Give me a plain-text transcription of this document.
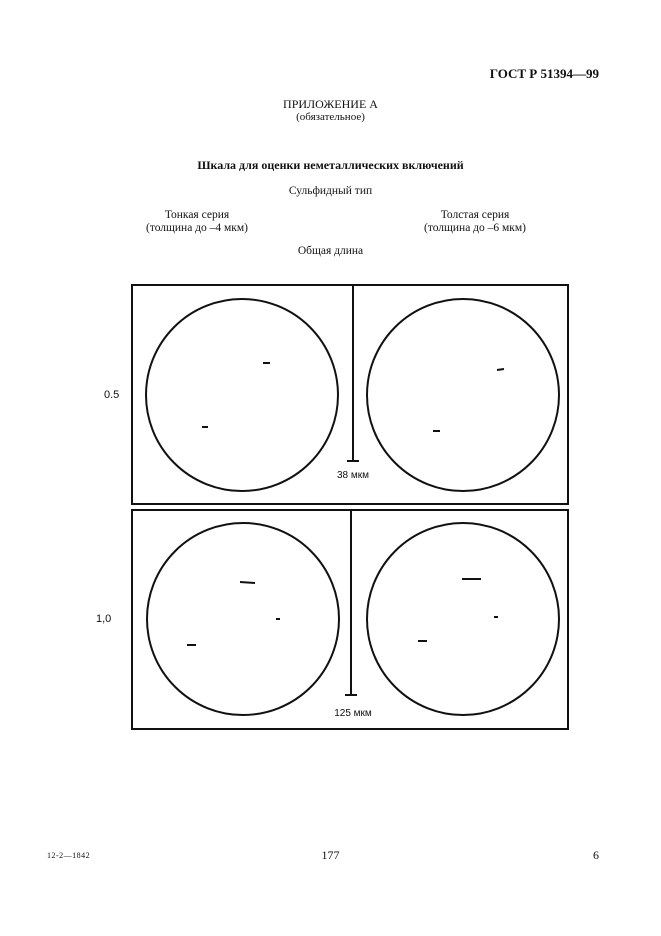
ГОСТ Р 51394—99
ПРИЛОЖЕНИЕ А
(обязательное)
Шкала для оценки неметаллических включений
Сульфидный тип
Тонкая серия
(толщина до –4 мкм)
Толстая серия
(толщина до –6 мкм)
Общая длина
0.5
38 мкм
1,0
125 мкм
12-2—1842	177	6
